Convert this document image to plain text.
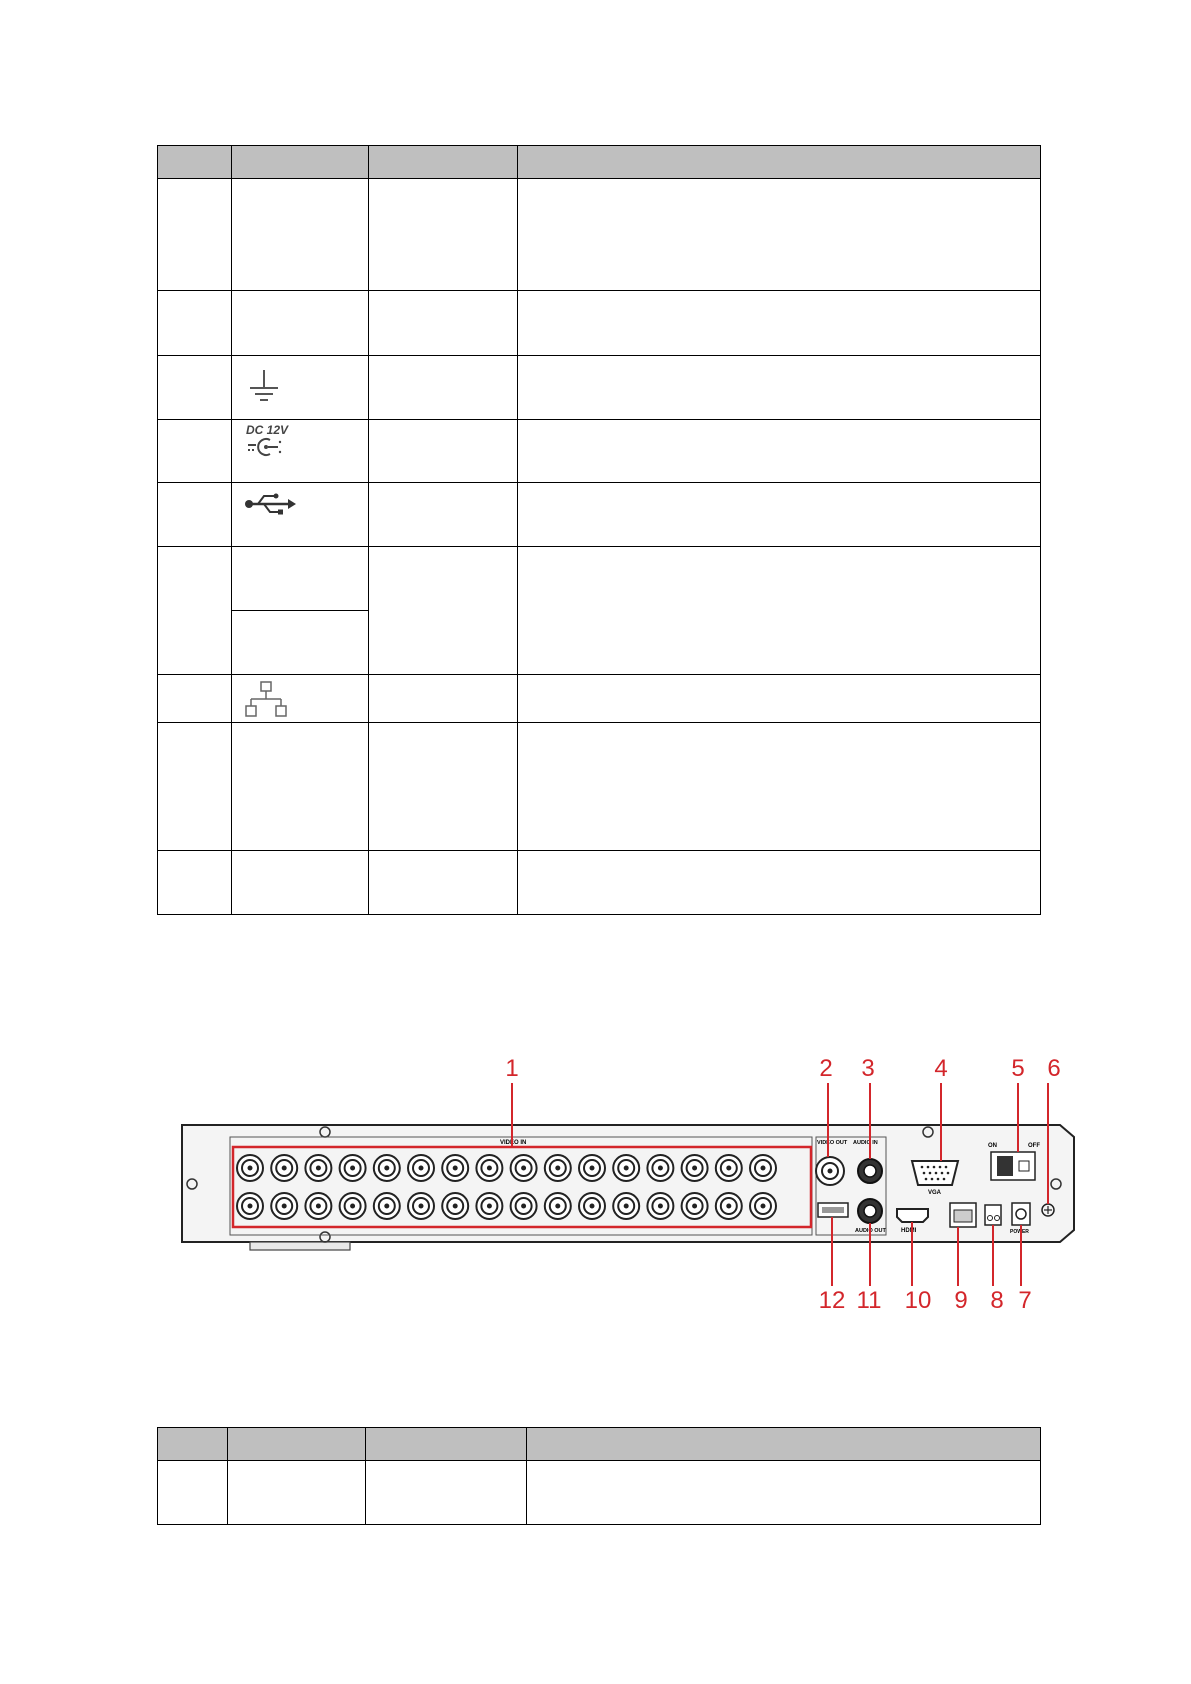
DC 12V		

1	2 3 4	5 6
12 11 10 9 8 7
VIDEO IN	VIDEO OUT AUDIO IN
AUDIO OUT
VGA
HDMI
ON	OFF
POWER
